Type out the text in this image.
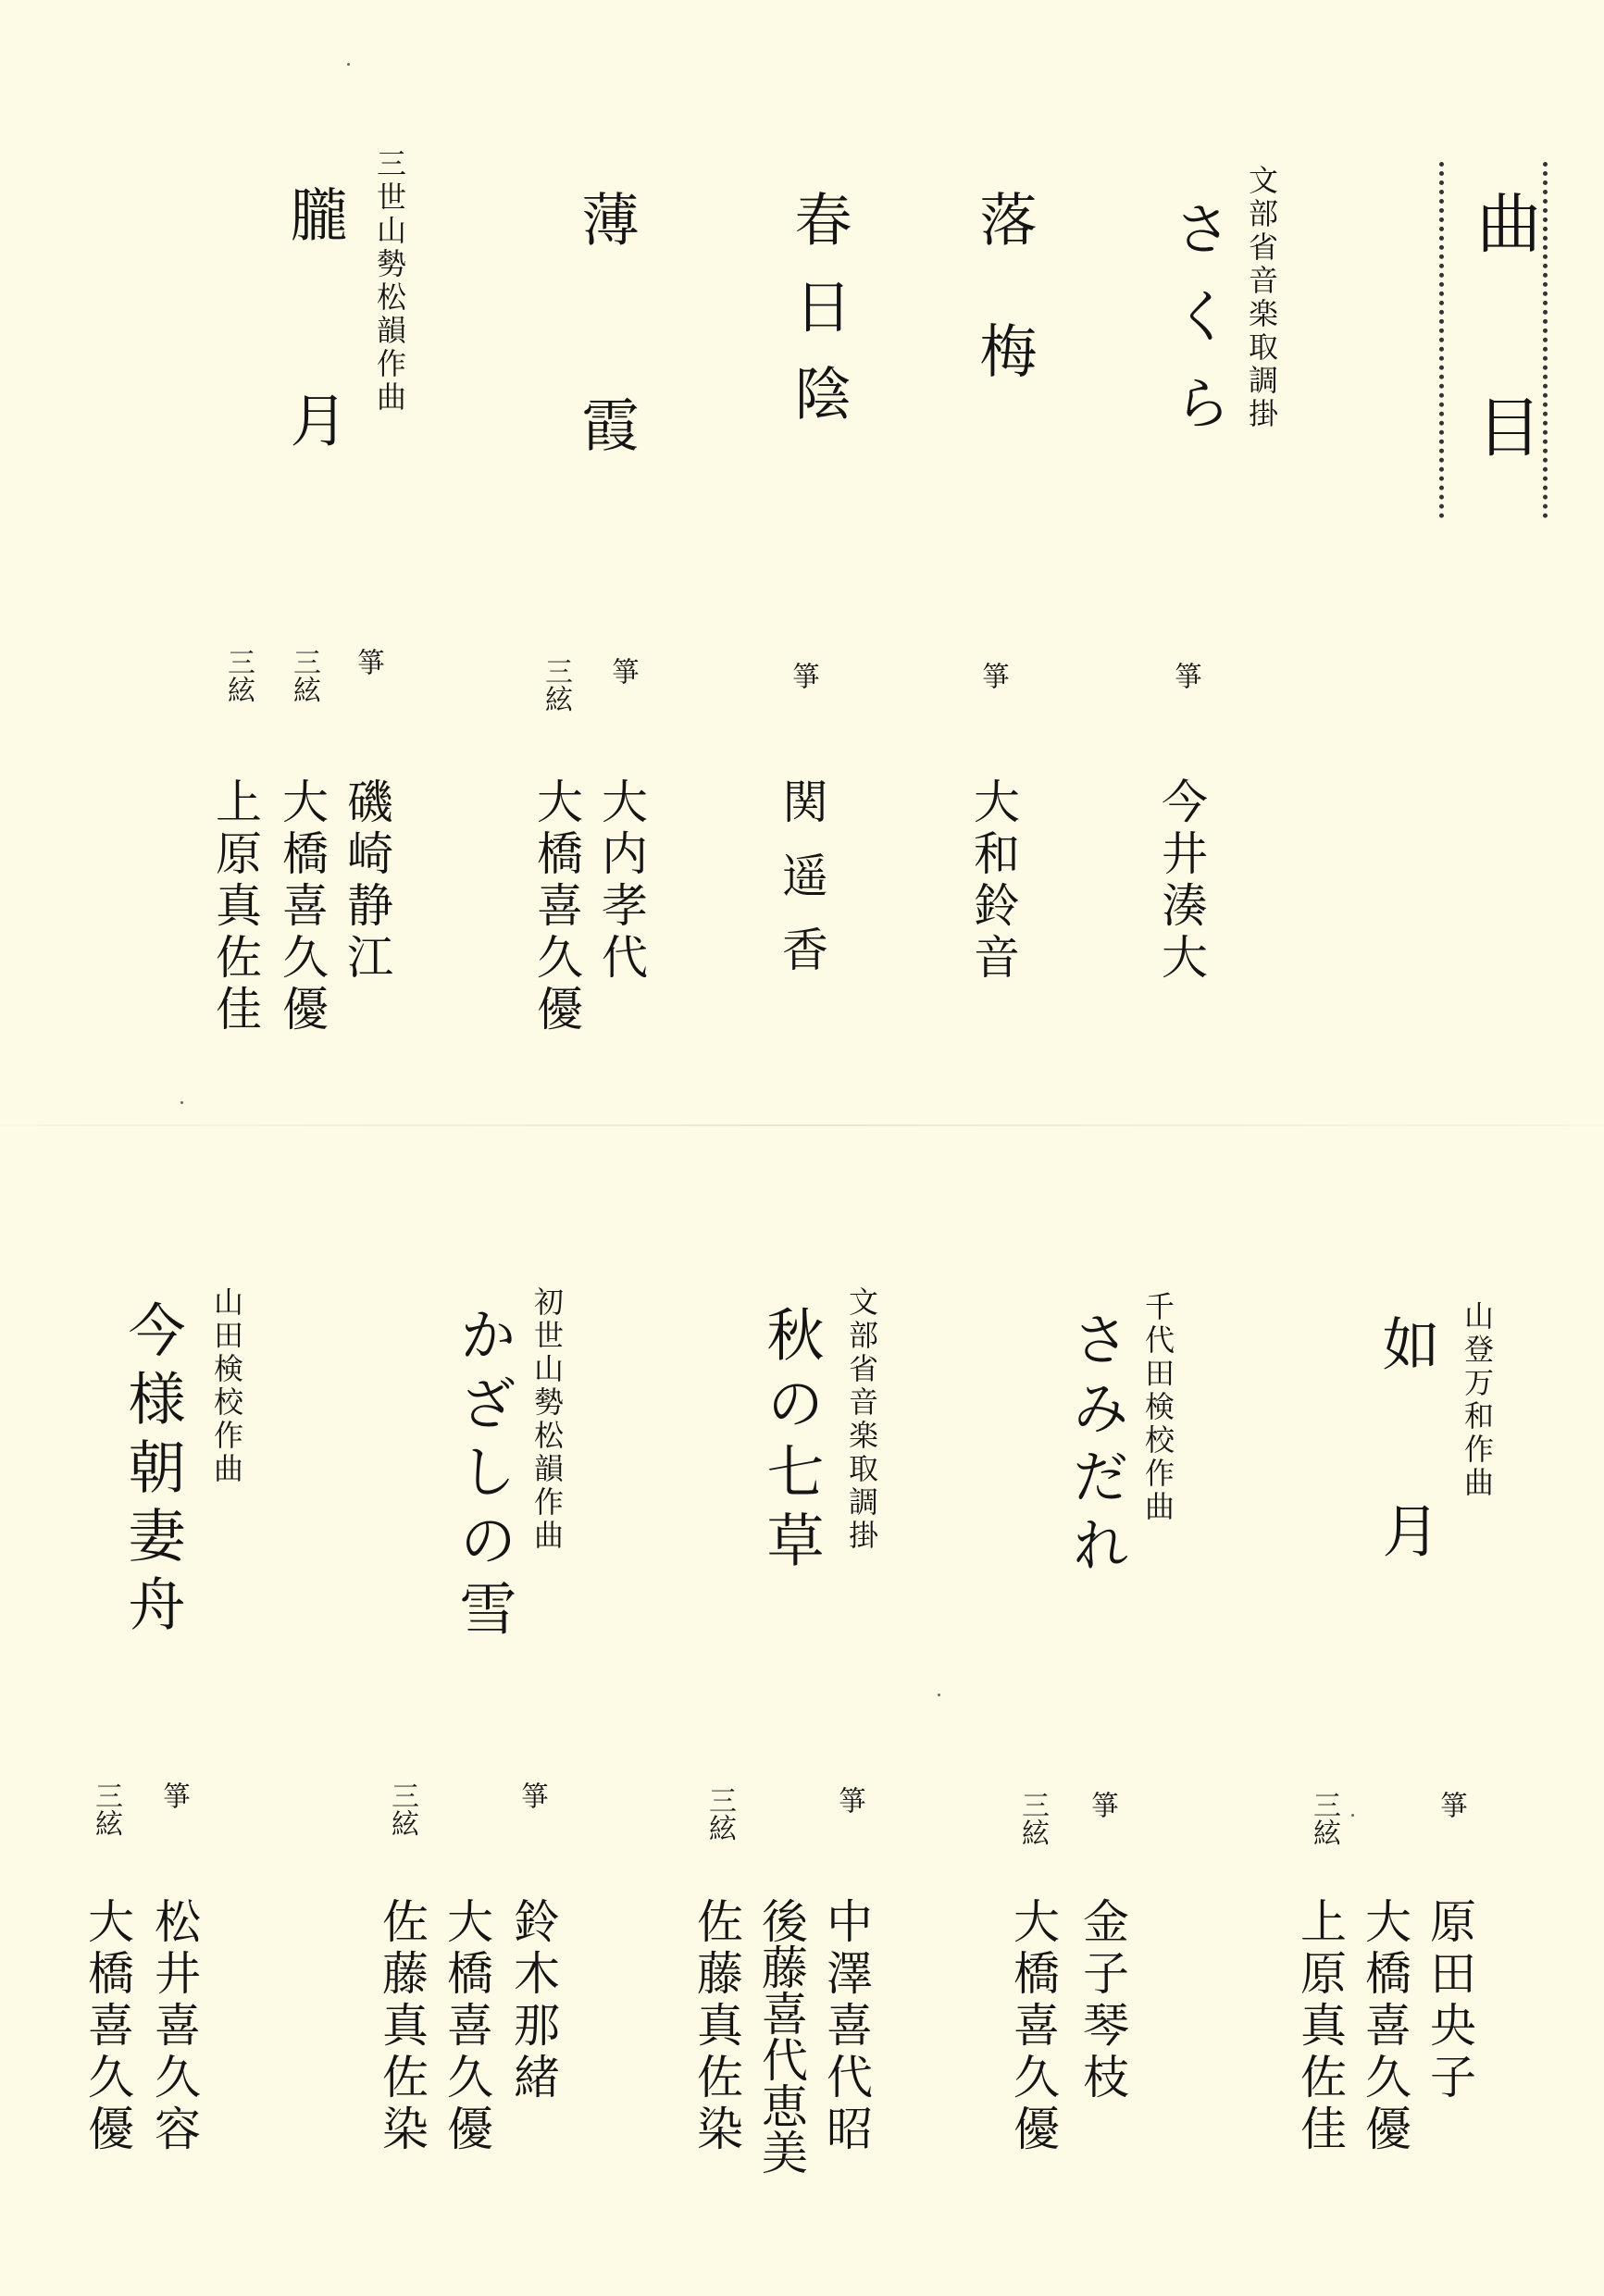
曲目
文部省音楽取調掛
さくら
落梅
春日陰
薄霞
三世山勢松韻作曲
朧月
箏
今井湊大
箏
大和鈴音
箏
関遥香
箏
大内孝代
三絃
大橋喜久優
箏
磯崎静江
三絃
大橋喜久優
三絃
上原真佐佳
山登万和作曲
如月
千代田検校作曲
さみだれ
文部省音楽取調掛
秋の七草
初世山勢松韻作曲
かざしの雪
山田検校作曲
今様朝妻舟
箏
原田央子
三絃
大橋喜久優
上原真佐佳
箏
金子琴枝
三絃
大橋喜久優
箏
中澤喜代昭
後藤喜代恵美
三絃
佐藤真佐染
箏
鈴木那緒
三絃
大橋喜久優
佐藤真佐染
箏
松井喜久容
三絃
大橋喜久優
